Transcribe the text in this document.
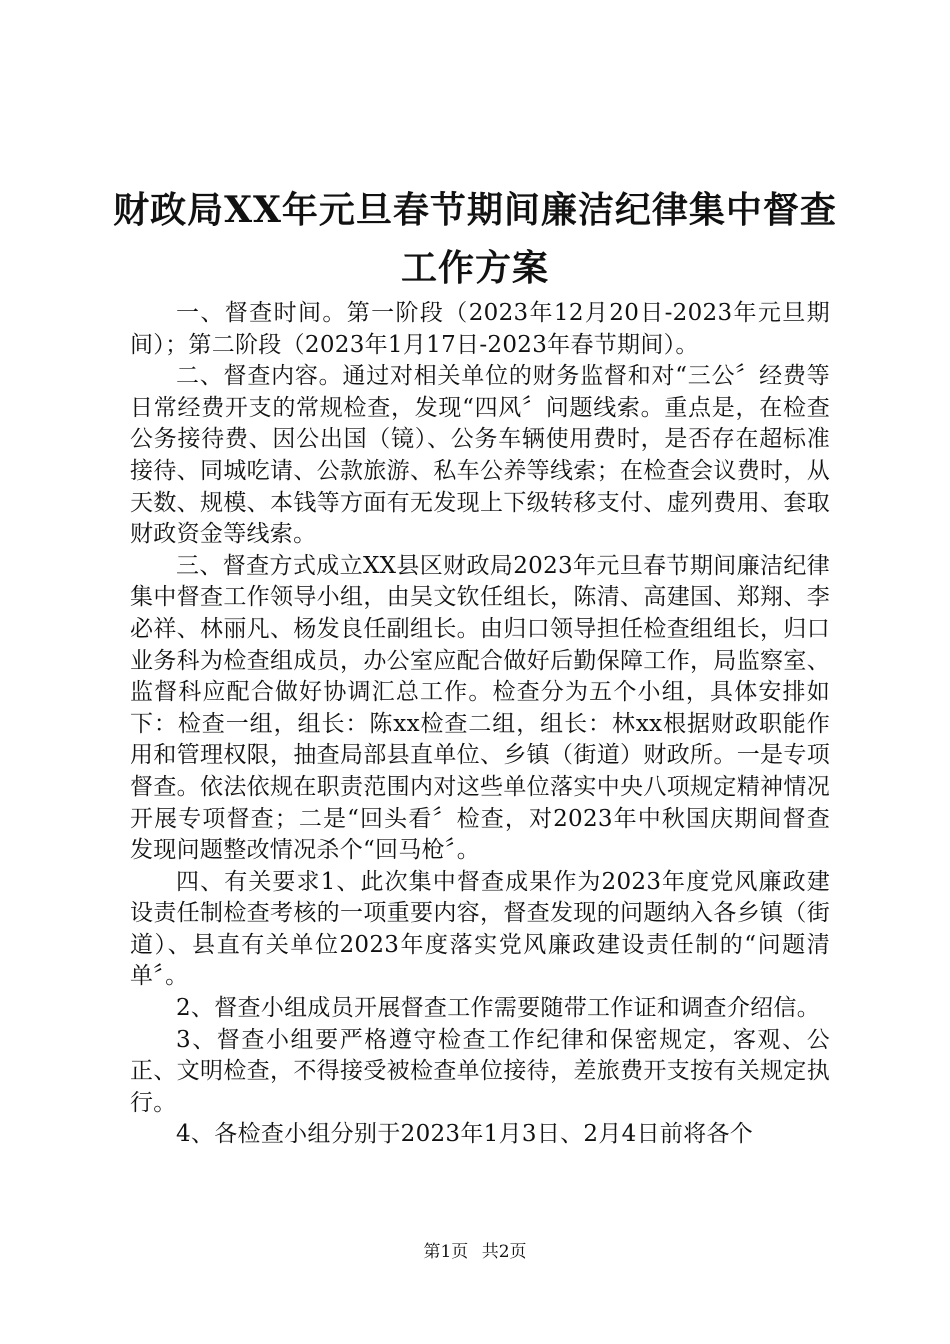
财政局XX年元旦春节期间廉洁纪律集中督查
工作方案

一、督查时间。第一阶段（2023年12月20日-2023年元旦期间）；第二阶段（2023年1月17日-2023年春节期间）。

二、督查内容。通过对相关单位的财务监督和对“三公〞经费等日常经费开支的常规检查，发现“四风〞问题线索。重点是，在检查公务接待费、因公出国（镜）、公务车辆使用费时，是否存在超标准接待、同城吃请、公款旅游、私车公养等线索；在检查会议费时，从天数、规模、本钱等方面有无发现上下级转移支付、虚列费用、套取财政资金等线索。

三、督查方式成立XX县区财政局2023年元旦春节期间廉洁纪律集中督查工作领导小组，由吴文钦任组长，陈清、高建国、郑翔、李必祥、林丽凡、杨发良任副组长。由归口领导担任检查组组长，归口业务科为检查组成员，办公室应配合做好后勤保障工作，局监察室、监督科应配合做好协调汇总工作。检查分为五个小组，具体安排如下：检查一组，组长：陈xx检查二组，组长：林xx根据财政职能作用和管理权限，抽查局部县直单位、乡镇（街道）财政所。一是专项督查。依法依规在职责范围内对这些单位落实中央八项规定精神情况开展专项督查；二是“回头看〞检查，对2023年中秋国庆期间督查发现问题整改情况杀个“回马枪〞。

四、有关要求1、此次集中督查成果作为2023年度党风廉政建设责任制检查考核的一项重要内容，督查发现的问题纳入各乡镇（街道）、县直有关单位2023年度落实党风廉政建设责任制的“问题清单〞。

2、督查小组成员开展督查工作需要随带工作证和调查介绍信。

3、督查小组要严格遵守检查工作纪律和保密规定，客观、公正、文明检查，不得接受被检查单位接待，差旅费开支按有关规定执行。

4、各检查小组分别于2023年1月3日、2月4日前将各个

第1页 共2页
